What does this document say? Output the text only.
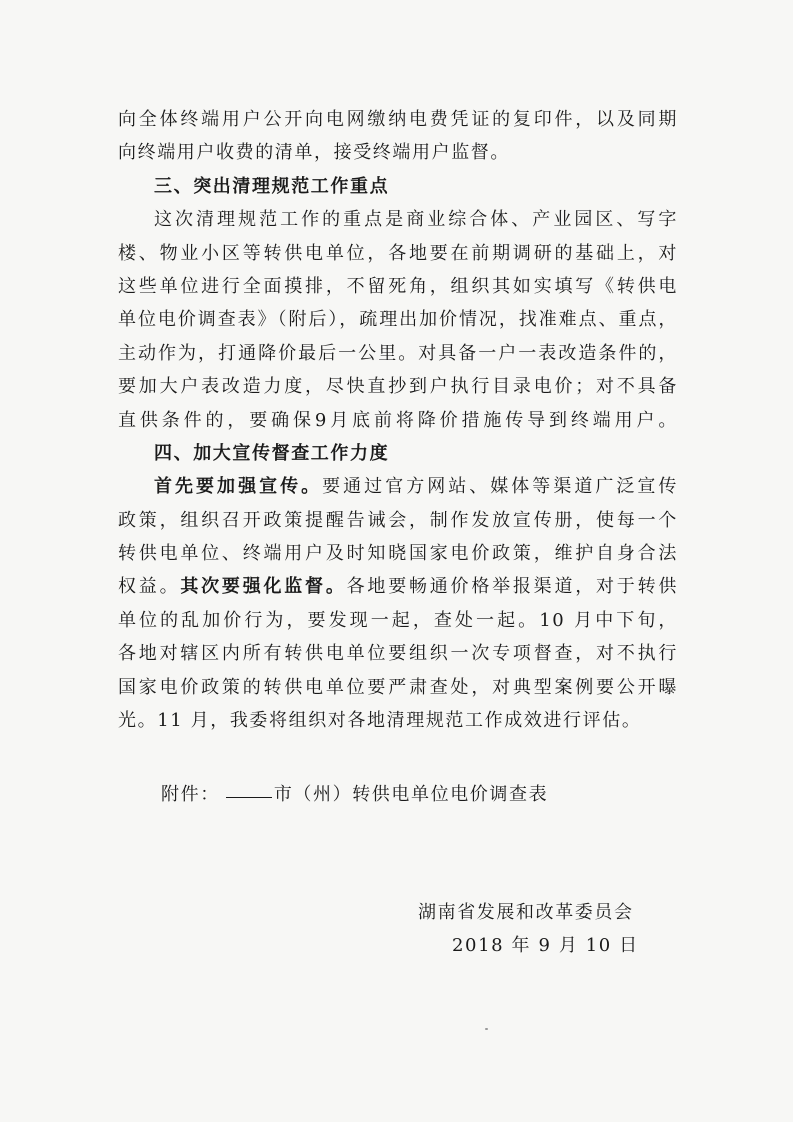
向全体终端用户公开向电网缴纳电费凭证的复印件，以及同期
向终端用户收费的清单，接受终端用户监督。
三、突出清理规范工作重点
这次清理规范工作的重点是商业综合体、产业园区、写字
楼、物业小区等转供电单位，各地要在前期调研的基础上，对
这些单位进行全面摸排，不留死角，组织其如实填写《转供电
单位电价调查表》（附后），疏理出加价情况，找准难点、重点，
主动作为，打通降价最后一公里。对具备一户一表改造条件的，
要加大户表改造力度，尽快直抄到户执行目录电价；对不具备
直供条件的，要确保9月底前将降价措施传导到终端用户。
四、加大宣传督查工作力度
首先要加强宣传。要通过官方网站、媒体等渠道广泛宣传
政策，组织召开政策提醒告诫会，制作发放宣传册，使每一个
转供电单位、终端用户及时知晓国家电价政策，维护自身合法
权益。其次要强化监督。各地要畅通价格举报渠道，对于转供
单位的乱加价行为，要发现一起，查处一起。10 月中下旬，
各地对辖区内所有转供电单位要组织一次专项督查，对不执行
国家电价政策的转供电单位要严肃查处，对典型案例要公开曝
光。11 月，我委将组织对各地清理规范工作成效进行评估。
附件：	市（州）转供电单位电价调查表
湖南省发展和改革委员会
2018 年 9 月 10 日
